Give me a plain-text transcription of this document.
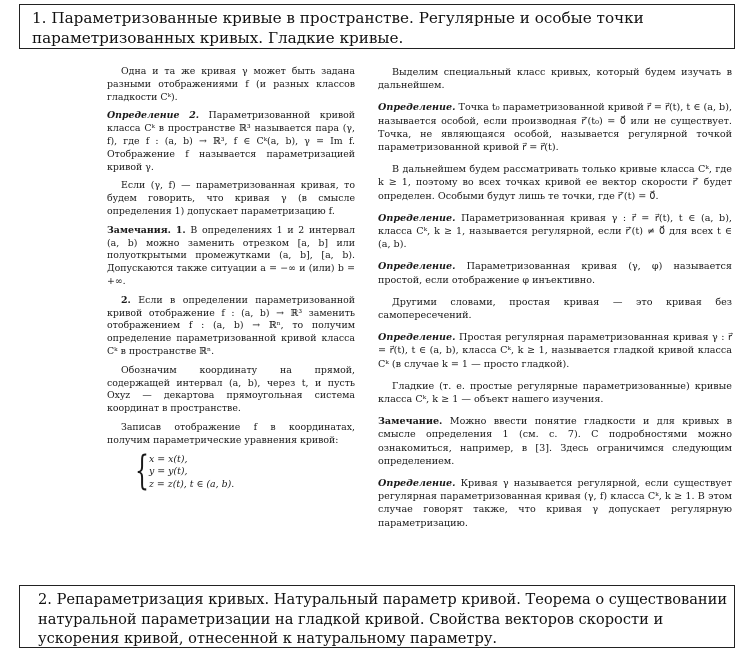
1. Параметризованные кривые в пространстве. Регулярные и особые точки параметризованных кривых. Гладкие кривые.

Одна и та же кривая γ может быть задана разными отображениями f (и разных классов гладкости Cᵏ).

Определение 2. Параметризованной кривой класса Cᵏ в пространстве ℝ³ называется пара (γ, f), где f : (a, b) → ℝ³, f ∈ Cᵏ(a, b), γ = Im f. Отображение f называется параметризацией кривой γ.

Если (γ, f) — параметризованная кривая, то будем говорить, что кривая γ (в смысле определения 1) допускает параметризацию f.

Замечания. 1. В определениях 1 и 2 интервал (a, b) можно заменить отрезком [a, b] или полуоткрытыми промежутками (a, b], [a, b). Допускаются также ситуации a = −∞ и (или) b = +∞.

2. Если в определении параметризованной кривой отображение f : (a, b) → ℝ³ заменить отображением f : (a, b) → ℝⁿ, то получим определение параметризованной кривой класса Cᵏ в пространстве ℝⁿ.

Обозначим координату на прямой, содержащей интервал (a, b), через t, и пусть Oxyz — декартова прямоугольная система координат в пространстве.

Записав отображение f в координатах, получим параметрические уравнения кривой:

{ x = x(t),
y = y(t),
z = z(t), t ∈ (a, b).

Выделим специальный класс кривых, который будем изучать в дальнейшем.

Определение. Точка t₀ параметризованной кривой r⃗ = r⃗(t), t ∈ (a, b), называется особой, если производная r⃗′(t₀) = 0⃗ или не существует. Точка, не являющаяся особой, называется регулярной точкой параметризованной кривой r⃗ = r⃗(t).

В дальнейшем будем рассматривать только кривые класса Cᵏ, где k ≥ 1, поэтому во всех точках кривой ее вектор скорости r⃗′ будет определен. Особыми будут лишь те точки, где r⃗′(t) = 0⃗.

Определение. Параметризованная кривая γ : r⃗ = r⃗(t), t ∈ (a, b), класса Cᵏ, k ≥ 1, называется регулярной, если r⃗′(t) ≠ 0⃗ для всех t ∈ (a, b).

Определение. Параметризованная кривая (γ, φ) называется простой, если отображение φ инъективно.

Другими словами, простая кривая — это кривая без самопересечений.

Определение. Простая регулярная параметризованная кривая γ : r⃗ = r⃗(t), t ∈ (a, b), класса Cᵏ, k ≥ 1, называется гладкой кривой класса Cᵏ (в случае k = 1 — просто гладкой).

Гладкие (т. е. простые регулярные параметризованные) кривые класса Cᵏ, k ≥ 1 — объект нашего изучения.

Замечание. Можно ввести понятие гладкости и для кривых в смысле определения 1 (см. с. 7). С подробностями можно ознакомиться, например, в [3]. Здесь ограничимся следующим определением.

Определение. Кривая γ называется регулярной, если существует регулярная параметризованная кривая (γ, f) класса Cᵏ, k ≥ 1. В этом случае говорят также, что кривая γ допускает регулярную параметризацию.

2. Репараметризация кривых. Натуральный параметр кривой. Теорема о существовании натуральной параметризации на гладкой кривой. Свойства векторов скорости и ускорения кривой, отнесенной к натуральному параметру.
